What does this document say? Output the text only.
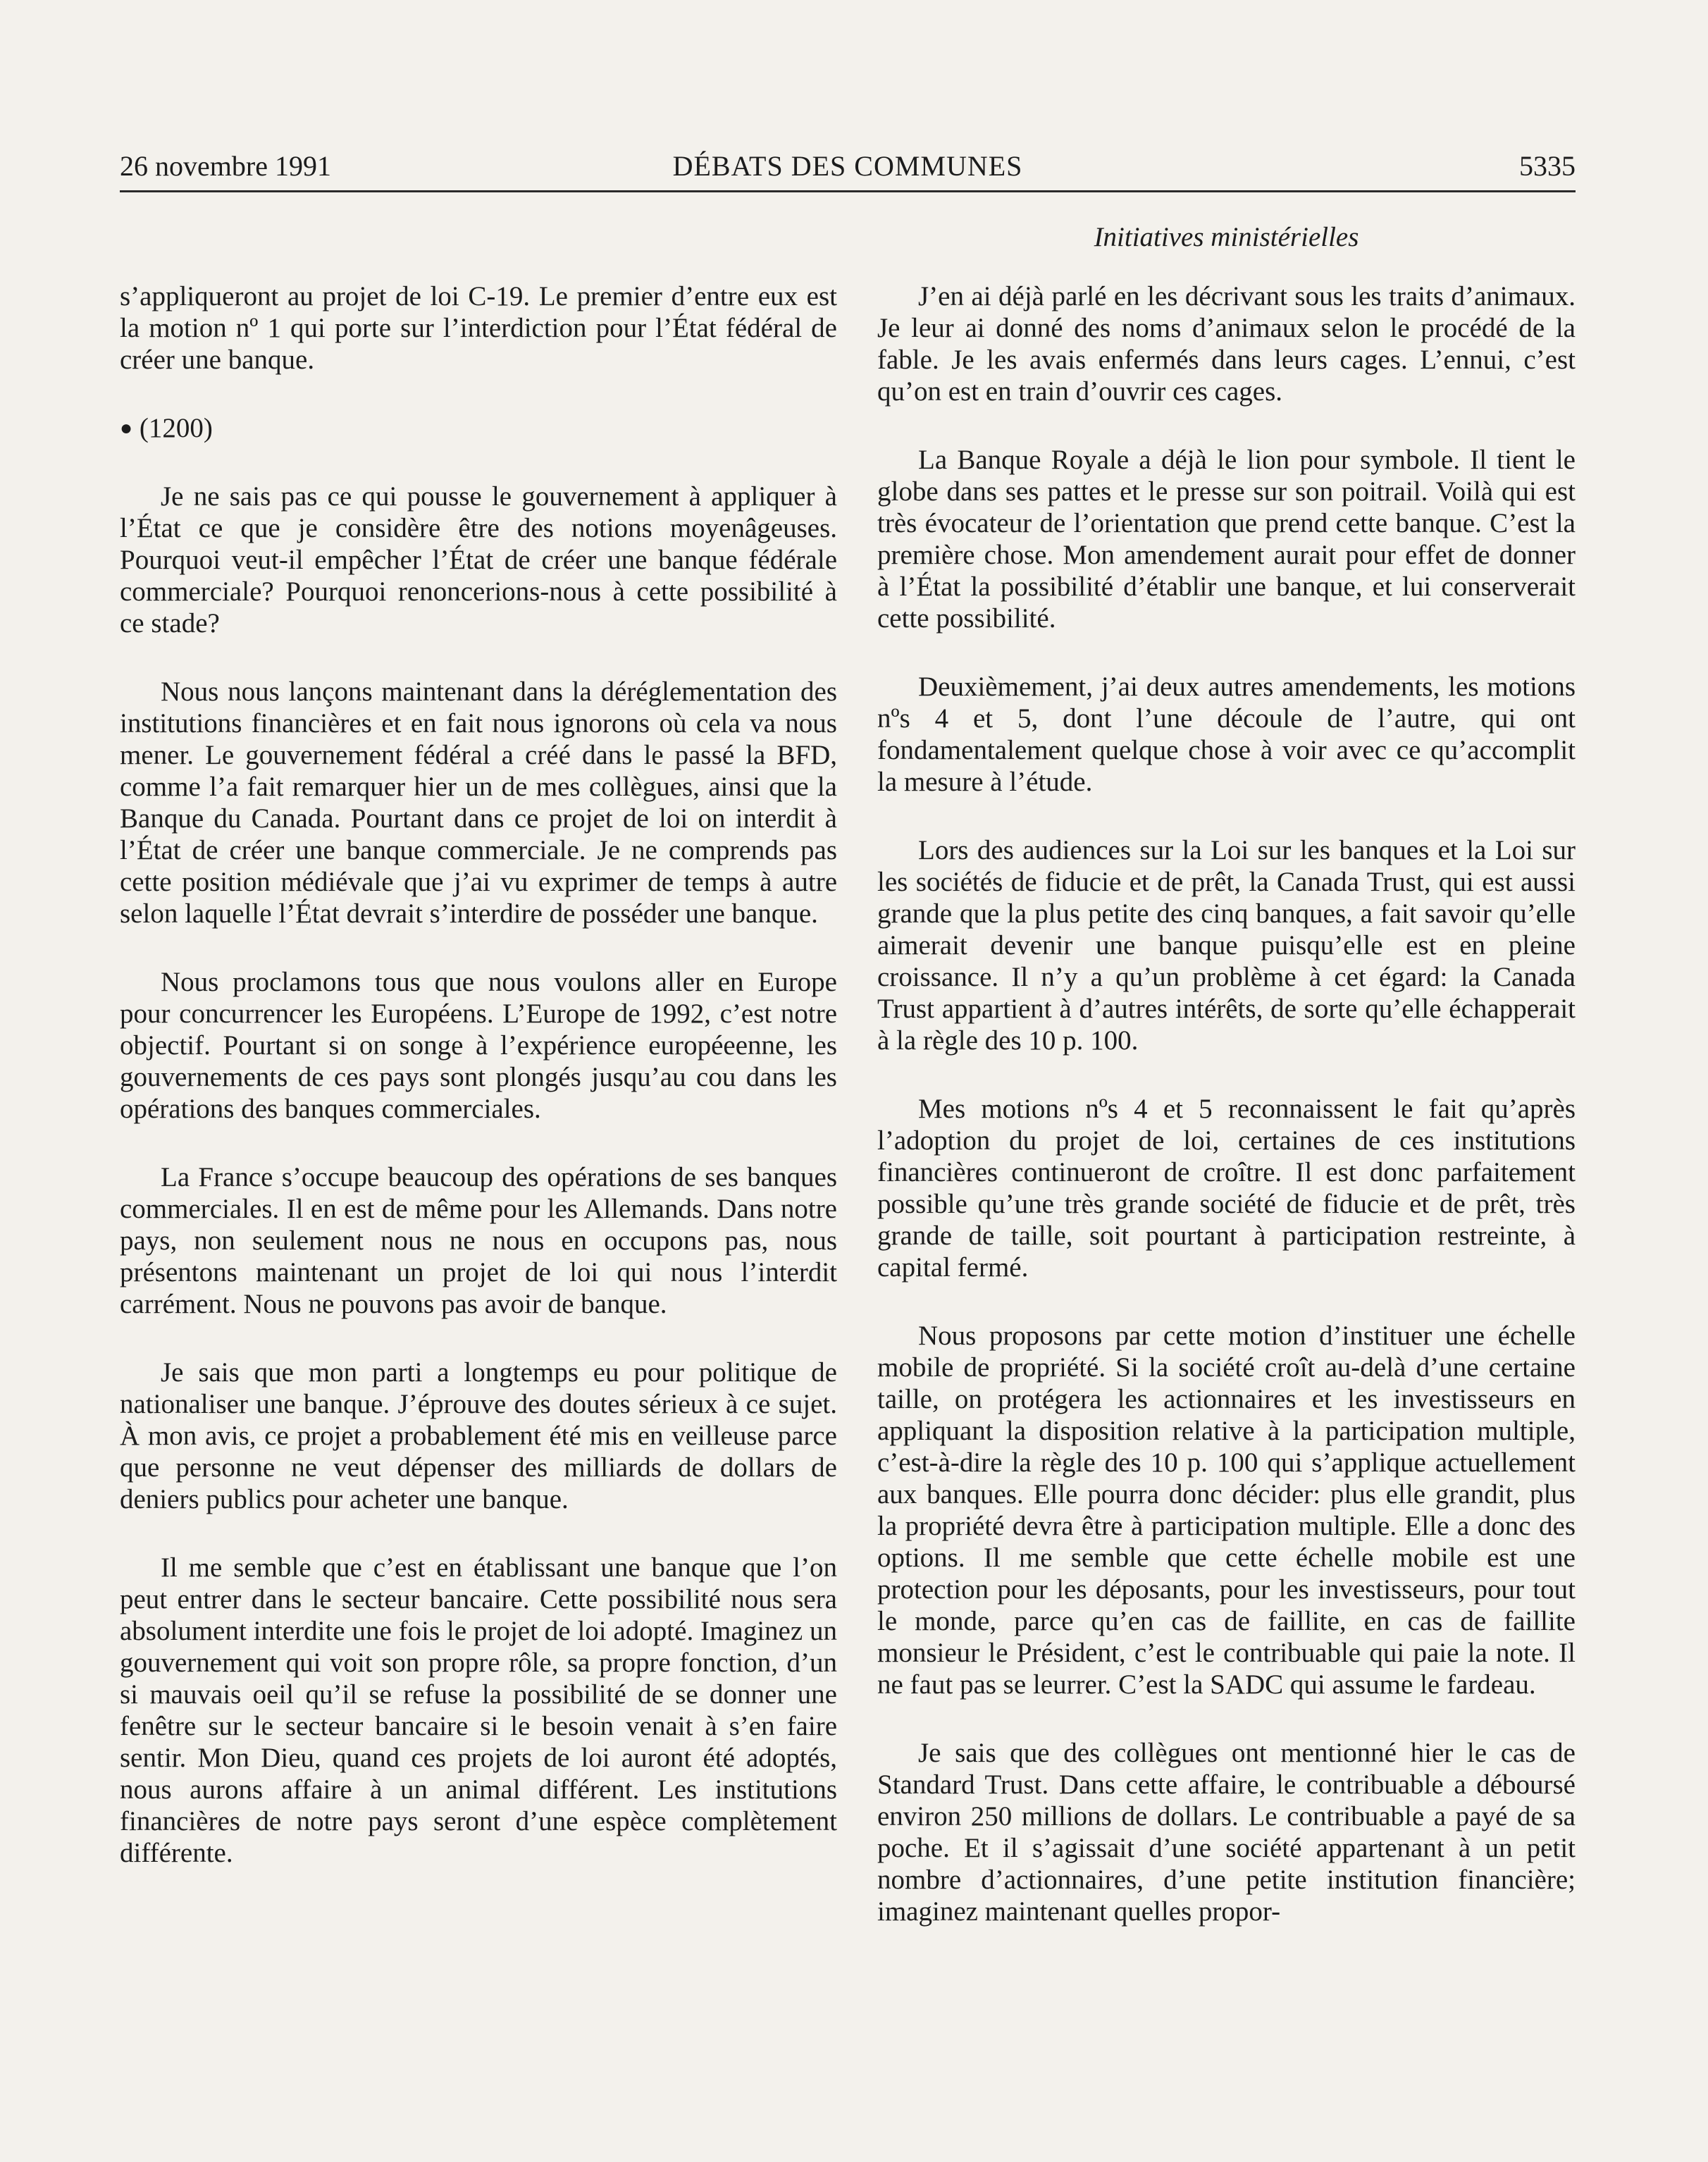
26 novembre 1991	DÉBATS DES COMMUNES	5335
Initiatives ministérielles

s’appliqueront au projet de loi C-19. Le premier d’entre eux est la motion nº 1 qui porte sur l’interdiction pour l’État fédéral de créer une banque.

● (1200)

Je ne sais pas ce qui pousse le gouvernement à appliquer à l’État ce que je considère être des notions moyenâgeuses. Pourquoi veut-il empêcher l’État de créer une banque fédérale commerciale? Pourquoi renoncerions-nous à cette possibilité à ce stade?

Nous nous lançons maintenant dans la déréglementation des institutions financières et en fait nous ignorons où cela va nous mener. Le gouvernement fédéral a créé dans le passé la BFD, comme l’a fait remarquer hier un de mes collègues, ainsi que la Banque du Canada. Pourtant dans ce projet de loi on interdit à l’État de créer une banque commerciale. Je ne comprends pas cette position médiévale que j’ai vu exprimer de temps à autre selon laquelle l’État devrait s’interdire de posséder une banque.

Nous proclamons tous que nous voulons aller en Europe pour concurrencer les Européens. L’Europe de 1992, c’est notre objectif. Pourtant si on songe à l’expérience européeenne, les gouvernements de ces pays sont plongés jusqu’au cou dans les opérations des banques commerciales.

La France s’occupe beaucoup des opérations de ses banques commerciales. Il en est de même pour les Allemands. Dans notre pays, non seulement nous ne nous en occupons pas, nous présentons maintenant un projet de loi qui nous l’interdit carrément. Nous ne pouvons pas avoir de banque.

Je sais que mon parti a longtemps eu pour politique de nationaliser une banque. J’éprouve des doutes sérieux à ce sujet. À mon avis, ce projet a probablement été mis en veilleuse parce que personne ne veut dépenser des milliards de dollars de deniers publics pour acheter une banque.

Il me semble que c’est en établissant une banque que l’on peut entrer dans le secteur bancaire. Cette possibilité nous sera absolument interdite une fois le projet de loi adopté. Imaginez un gouvernement qui voit son propre rôle, sa propre fonction, d’un si mauvais oeil qu’il se refuse la possibilité de se donner une fenêtre sur le secteur bancaire si le besoin venait à s’en faire sentir. Mon Dieu, quand ces projets de loi auront été adoptés, nous aurons affaire à un animal différent. Les institutions financières de notre pays seront d’une espèce complètement différente.

J’en ai déjà parlé en les décrivant sous les traits d’animaux. Je leur ai donné des noms d’animaux selon le procédé de la fable. Je les avais enfermés dans leurs cages. L’ennui, c’est qu’on est en train d’ouvrir ces cages.

La Banque Royale a déjà le lion pour symbole. Il tient le globe dans ses pattes et le presse sur son poitrail. Voilà qui est très évocateur de l’orientation que prend cette banque. C’est la première chose. Mon amendement aurait pour effet de donner à l’État la possibilité d’établir une banque, et lui conserverait cette possibilité.

Deuxièmement, j’ai deux autres amendements, les motions nºs 4 et 5, dont l’une découle de l’autre, qui ont fondamentalement quelque chose à voir avec ce qu’accomplit la mesure à l’étude.

Lors des audiences sur la Loi sur les banques et la Loi sur les sociétés de fiducie et de prêt, la Canada Trust, qui est aussi grande que la plus petite des cinq banques, a fait savoir qu’elle aimerait devenir une banque puisqu’elle est en pleine croissance. Il n’y a qu’un problème à cet égard: la Canada Trust appartient à d’autres intérêts, de sorte qu’elle échapperait à la règle des 10 p. 100.

Mes motions nºs 4 et 5 reconnaissent le fait qu’après l’adoption du projet de loi, certaines de ces institutions financières continueront de croître. Il est donc parfaitement possible qu’une très grande société de fiducie et de prêt, très grande de taille, soit pourtant à participation restreinte, à capital fermé.

Nous proposons par cette motion d’instituer une échelle mobile de propriété. Si la société croît au-delà d’une certaine taille, on protégera les actionnaires et les investisseurs en appliquant la disposition relative à la participation multiple, c’est-à-dire la règle des 10 p. 100 qui s’applique actuellement aux banques. Elle pourra donc décider: plus elle grandit, plus la propriété devra être à participation multiple. Elle a donc des options. Il me semble que cette échelle mobile est une protection pour les déposants, pour les investisseurs, pour tout le monde, parce qu’en cas de faillite, en cas de faillite monsieur le Président, c’est le contribuable qui paie la note. Il ne faut pas se leurrer. C’est la SADC qui assume le fardeau.

Je sais que des collègues ont mentionné hier le cas de Standard Trust. Dans cette affaire, le contribuable a déboursé environ 250 millions de dollars. Le contribuable a payé de sa poche. Et il s’agissait d’une société appartenant à un petit nombre d’actionnaires, d’une petite institution financière; imaginez maintenant quelles propor-
